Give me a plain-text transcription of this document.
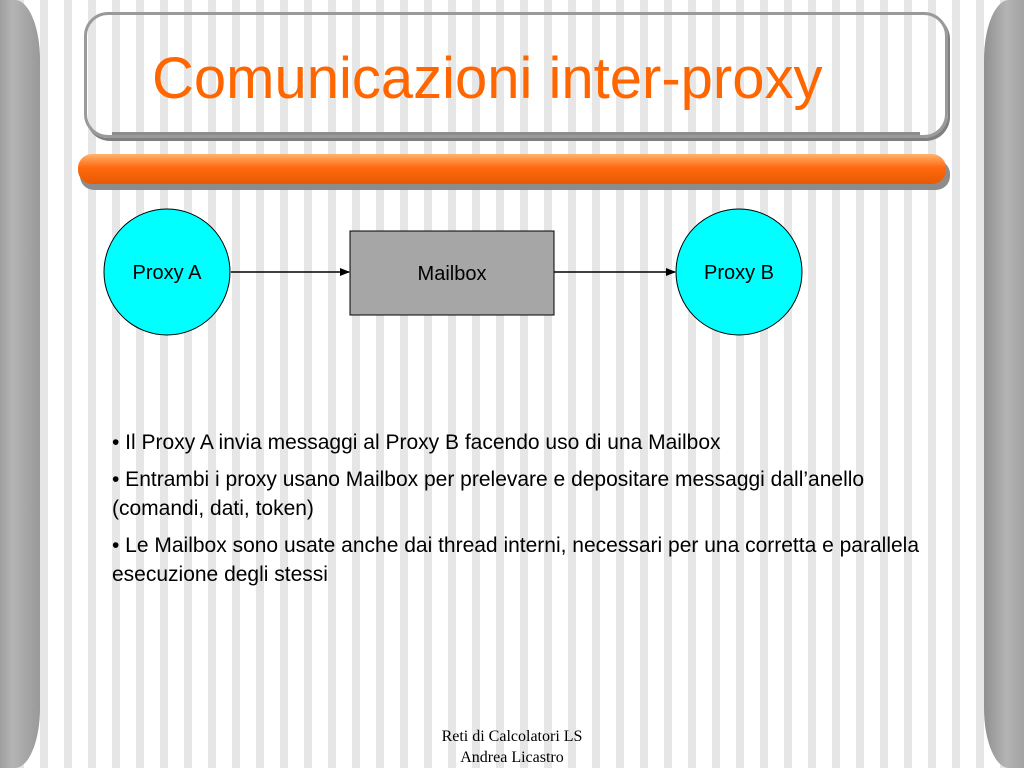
Comunicazioni inter-proxy
Proxy A	Mailbox	Proxy B
• Il Proxy A invia messaggi al Proxy B facendo uso di una Mailbox
• Entrambi i proxy usano Mailbox per prelevare e depositare messaggi dall’anello (comandi, dati, token)
• Le Mailbox sono usate anche dai thread interni, necessari per una corretta e parallela esecuzione degli stessi
Reti di Calcolatori LS
Andrea Licastro
